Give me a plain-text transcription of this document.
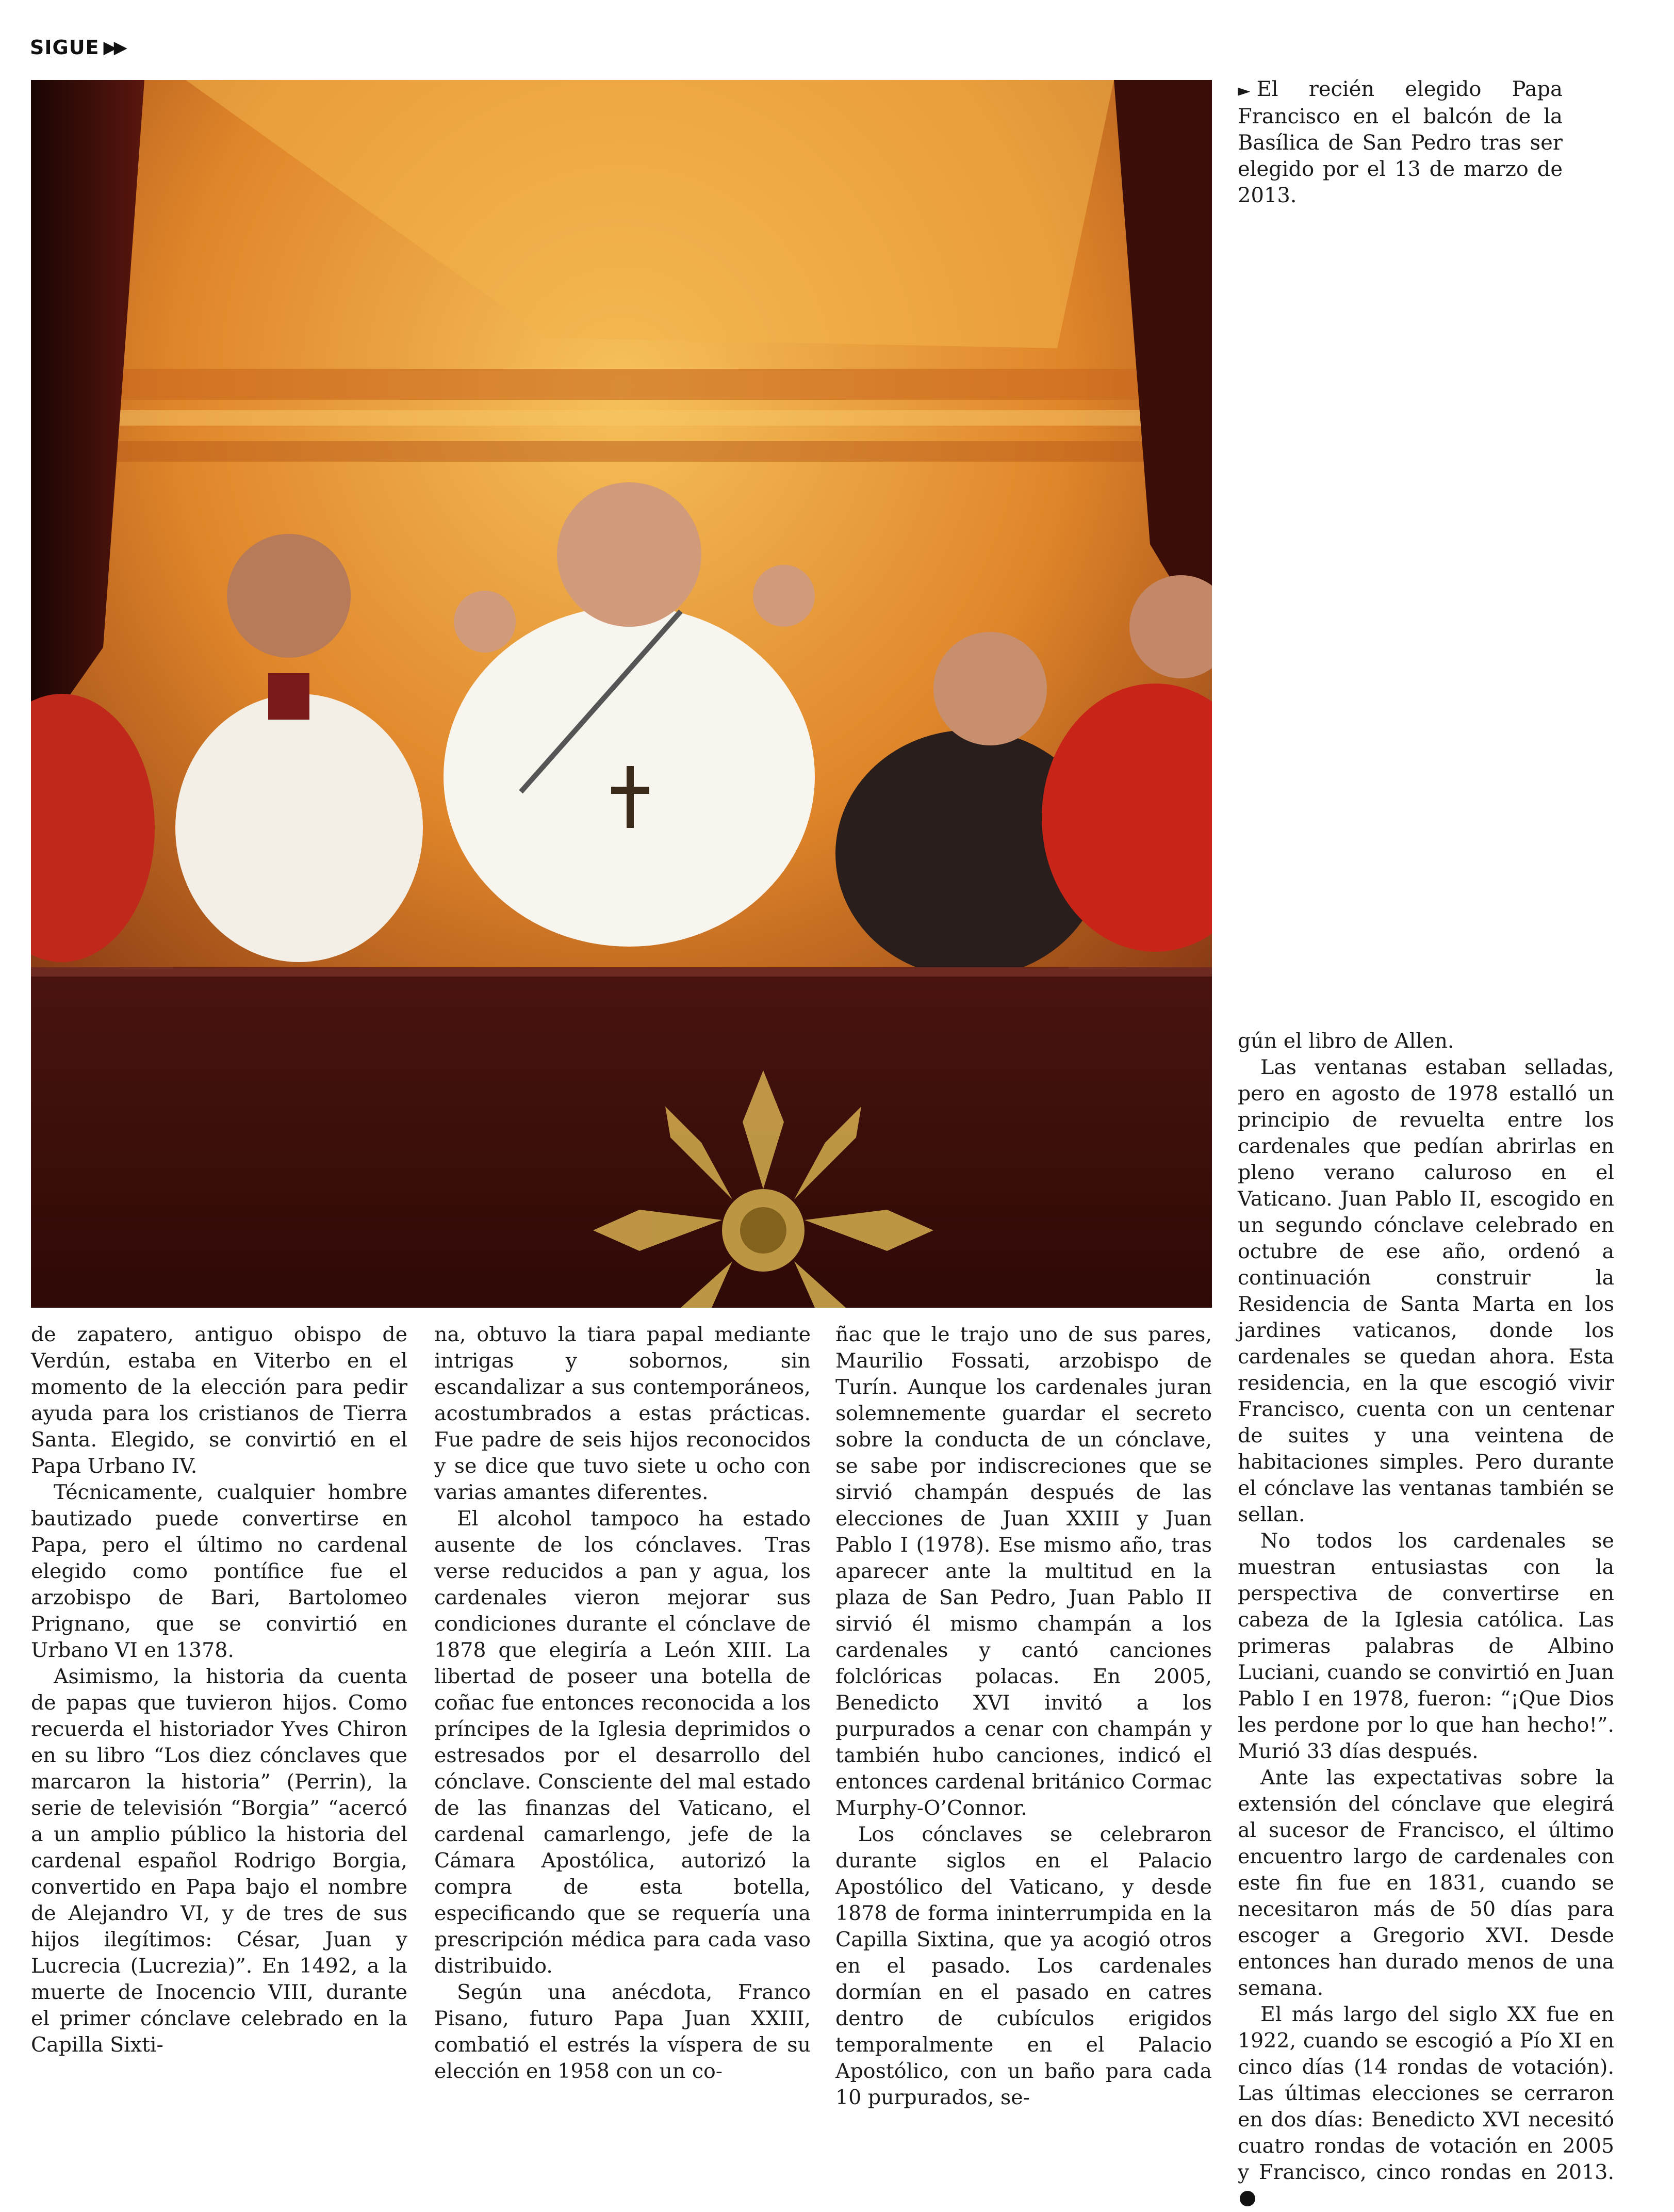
SIGUE ▶▶
► El recién elegido Papa Francisco en el balcón de la Basílica de San Pedro tras ser elegido por el 13 de marzo de 2013.

de zapatero, antiguo obispo de Verdún, estaba en Viterbo en el momento de la elección para pedir ayuda para los cristianos de Tierra Santa. Elegido, se convirtió en el Papa Urbano IV.

Técnicamente, cualquier hombre bautizado puede convertirse en Papa, pero el último no cardenal elegido como pontífice fue el arzobispo de Bari, Bartolomeo Prignano, que se convirtió en Urbano VI en 1378.

Asimismo, la historia da cuenta de papas que tuvieron hijos. Como recuerda el historiador Yves Chiron en su libro “Los diez cónclaves que marcaron la historia” (Perrin), la serie de televisión “Borgia” “acercó a un amplio público la historia del cardenal español Rodrigo Borgia, convertido en Papa bajo el nombre de Alejandro VI, y de tres de sus hijos ilegítimos: César, Juan y Lucrecia (Lucrezia)”. En 1492, a la muerte de Inocencio VIII, durante el primer cónclave celebrado en la Capilla Sixti-

na, obtuvo la tiara papal mediante intrigas y sobornos, sin escandalizar a sus contemporáneos, acostumbrados a estas prácticas. Fue padre de seis hijos reconocidos y se dice que tuvo siete u ocho con varias amantes diferentes.

El alcohol tampoco ha estado ausente de los cónclaves. Tras verse reducidos a pan y agua, los cardenales vieron mejorar sus condiciones durante el cónclave de 1878 que elegiría a León XIII. La libertad de poseer una botella de coñac fue entonces reconocida a los príncipes de la Iglesia deprimidos o estresados por el desarrollo del cónclave. Consciente del mal estado de las finanzas del Vaticano, el cardenal camarlengo, jefe de la Cámara Apostólica, autorizó la compra de esta botella, especificando que se requería una prescripción médica para cada vaso distribuido.

Según una anécdota, Franco Pisano, futuro Papa Juan XXIII, combatió el estrés la víspera de su elección en 1958 con un co-

ñac que le trajo uno de sus pares, Maurilio Fossati, arzobispo de Turín. Aunque los cardenales juran solemnemente guardar el secreto sobre la conducta de un cónclave, se sabe por indiscreciones que se sirvió champán después de las elecciones de Juan XXIII y Juan Pablo I (1978). Ese mismo año, tras aparecer ante la multitud en la plaza de San Pedro, Juan Pablo II sirvió él mismo champán a los cardenales y cantó canciones folclóricas polacas. En 2005, Benedicto XVI invitó a los purpurados a cenar con champán y también hubo canciones, indicó el entonces cardenal británico Cormac Murphy-O’Connor.

Los cónclaves se celebraron durante siglos en el Palacio Apostólico del Vaticano, y desde 1878 de forma ininterrumpida en la Capilla Sixtina, que ya acogió otros en el pasado. Los cardenales dormían en el pasado en catres dentro de cubículos erigidos temporalmente en el Palacio Apostólico, con un baño para cada 10 purpurados, se-

gún el libro de Allen.

Las ventanas estaban selladas, pero en agosto de 1978 estalló un principio de revuelta entre los cardenales que pedían abrirlas en pleno verano caluroso en el Vaticano. Juan Pablo II, escogido en un segundo cónclave celebrado en octubre de ese año, ordenó a continuación construir la Residencia de Santa Marta en los jardines vaticanos, donde los cardenales se quedan ahora. Esta residencia, en la que escogió vivir Francisco, cuenta con un centenar de suites y una veintena de habitaciones simples. Pero durante el cónclave las ventanas también se sellan.

No todos los cardenales se muestran entusiastas con la perspectiva de convertirse en cabeza de la Iglesia católica. Las primeras palabras de Albino Luciani, cuando se convirtió en Juan Pablo I en 1978, fueron: “¡Que Dios les perdone por lo que han hecho!”. Murió 33 días después.

Ante las expectativas sobre la extensión del cónclave que elegirá al sucesor de Francisco, el último encuentro largo de cardenales con este fin fue en 1831, cuando se necesitaron más de 50 días para escoger a Gregorio XVI. Desde entonces han durado menos de una semana.

El más largo del siglo XX fue en 1922, cuando se escogió a Pío XI en cinco días (14 rondas de votación). Las últimas elecciones se cerraron en dos días: Benedicto XVI necesitó cuatro rondas de votación en 2005 y Francisco, cinco rondas en 2013.
